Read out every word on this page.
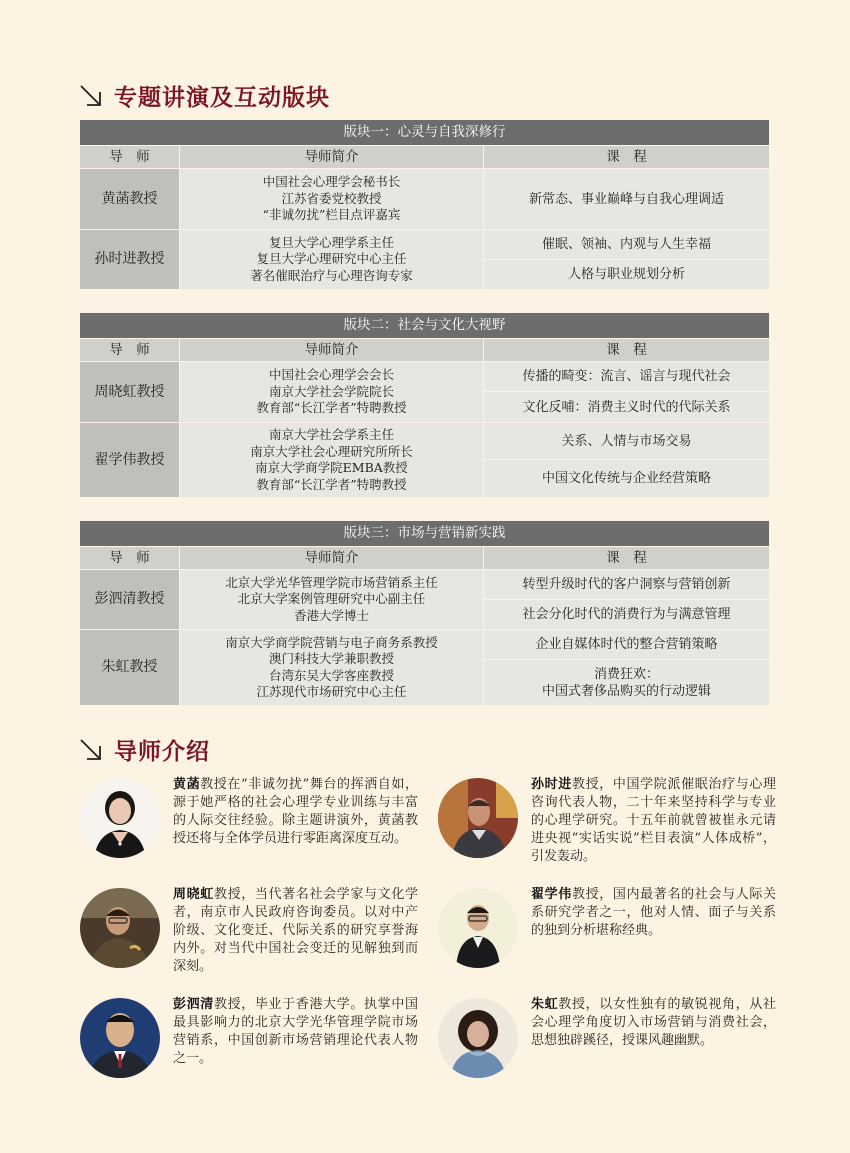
专题讲演及互动版块
版块一：心灵与自我深修行		
导　师	导师简介	课　程
黄菡教授	中国社会心理学会秘书长
江苏省委党校教授
“非诚勿扰”栏目点评嘉宾	新常态、事业巅峰与自我心理调适
孙时进教授	复旦大学心理学系主任
复旦大学心理研究中心主任
著名催眠治疗与心理咨询专家	催眠、领袖、内观与人生幸福
		人格与职业规划分析
版块二：社会与文化大视野		
导　师	导师简介	课　程
周晓虹教授	中国社会心理学会会长
南京大学社会学院院长
教育部“长江学者”特聘教授	传播的畸变：流言、谣言与现代社会
		文化反哺：消费主义时代的代际关系
翟学伟教授	南京大学社会学系主任
南京大学社会心理研究所所长
南京大学商学院EMBA教授
教育部“长江学者”特聘教授	关系、人情与市场交易
		中国文化传统与企业经营策略
版块三：市场与营销新实践		
导　师	导师简介	课　程
彭泗清教授	北京大学光华管理学院市场营销系主任
北京大学案例管理研究中心副主任
香港大学博士	转型升级时代的客户洞察与营销创新
		社会分化时代的消费行为与满意管理
朱虹教授	南京大学商学院营销与电子商务系教授
澳门科技大学兼职教授
台湾东吴大学客座教授
江苏现代市场研究中心主任	企业自媒体时代的整合营销策略

		消费狂欢：
中国式奢侈品购买的行动逻辑
导师介绍
黄菡教授在“非诚勿扰”舞台的挥洒自如，源于她严格的社会心理学专业训练与丰富的人际交往经验。除主题讲演外，黄菡教授还将与全体学员进行零距离深度互动。
孙时进教授，中国学院派催眠治疗与心理咨询代表人物，二十年来坚持科学与专业的心理学研究。十五年前就曾被崔永元请进央视“实话实说”栏目表演“人体成桥”，引发轰动。
周晓虹教授，当代著名社会学家与文化学者，南京市人民政府咨询委员。以对中产阶级、文化变迁、代际关系的研究享誉海内外。对当代中国社会变迁的见解独到而深刻。
翟学伟教授，国内最著名的社会与人际关系研究学者之一，他对人情、面子与关系的独到分析堪称经典。
彭泗清教授，毕业于香港大学。执掌中国最具影响力的北京大学光华管理学院市场营销系，中国创新市场营销理论代表人物之一。
朱虹教授，以女性独有的敏锐视角，从社会心理学角度切入市场营销与消费社会，思想独辟蹊径，授课风趣幽默。
